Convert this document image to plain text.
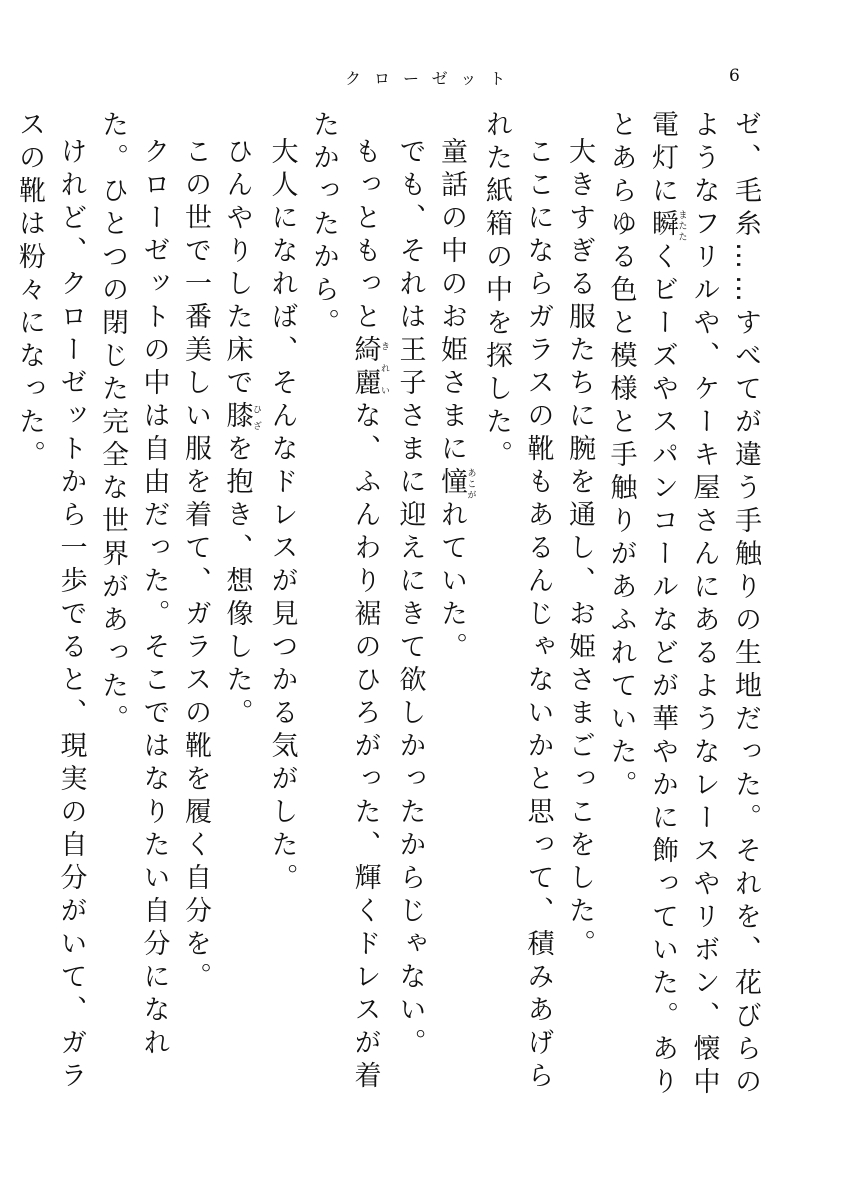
クローゼット	6

ゼ、毛糸……すべてが違う手触りの生地だった。それを、花びらのようなフリルや、ケーキ屋さんにあるようなレースやリボン、懐中電灯に瞬またたくビーズやスパンコールなどが華やかに飾っていた。ありとあらゆる色と模様と手触りがあふれていた。

大きすぎる服たちに腕を通し、お姫さまごっこをした。

ここにならガラスの靴もあるんじゃないかと思って、積みあげられた紙箱の中を探した。

童話の中のお姫さまに憧あこがれていた。

でも、それは王子さまに迎えにきて欲しかったからじゃない。

もっともっと綺麗きれいな、ふんわり裾のひろがった、輝くドレスが着たかったから。

大人になれば、そんなドレスが見つかる気がした。

ひんやりした床で膝ひざを抱き、想像した。

この世で一番美しい服を着て、ガラスの靴を履く自分を。

クローゼットの中は自由だった。そこではなりたい自分になれた。ひとつの閉じた完全な世界があった。

けれど、クローゼットから一歩でると、現実の自分がいて、ガラスの靴は粉々になった。
